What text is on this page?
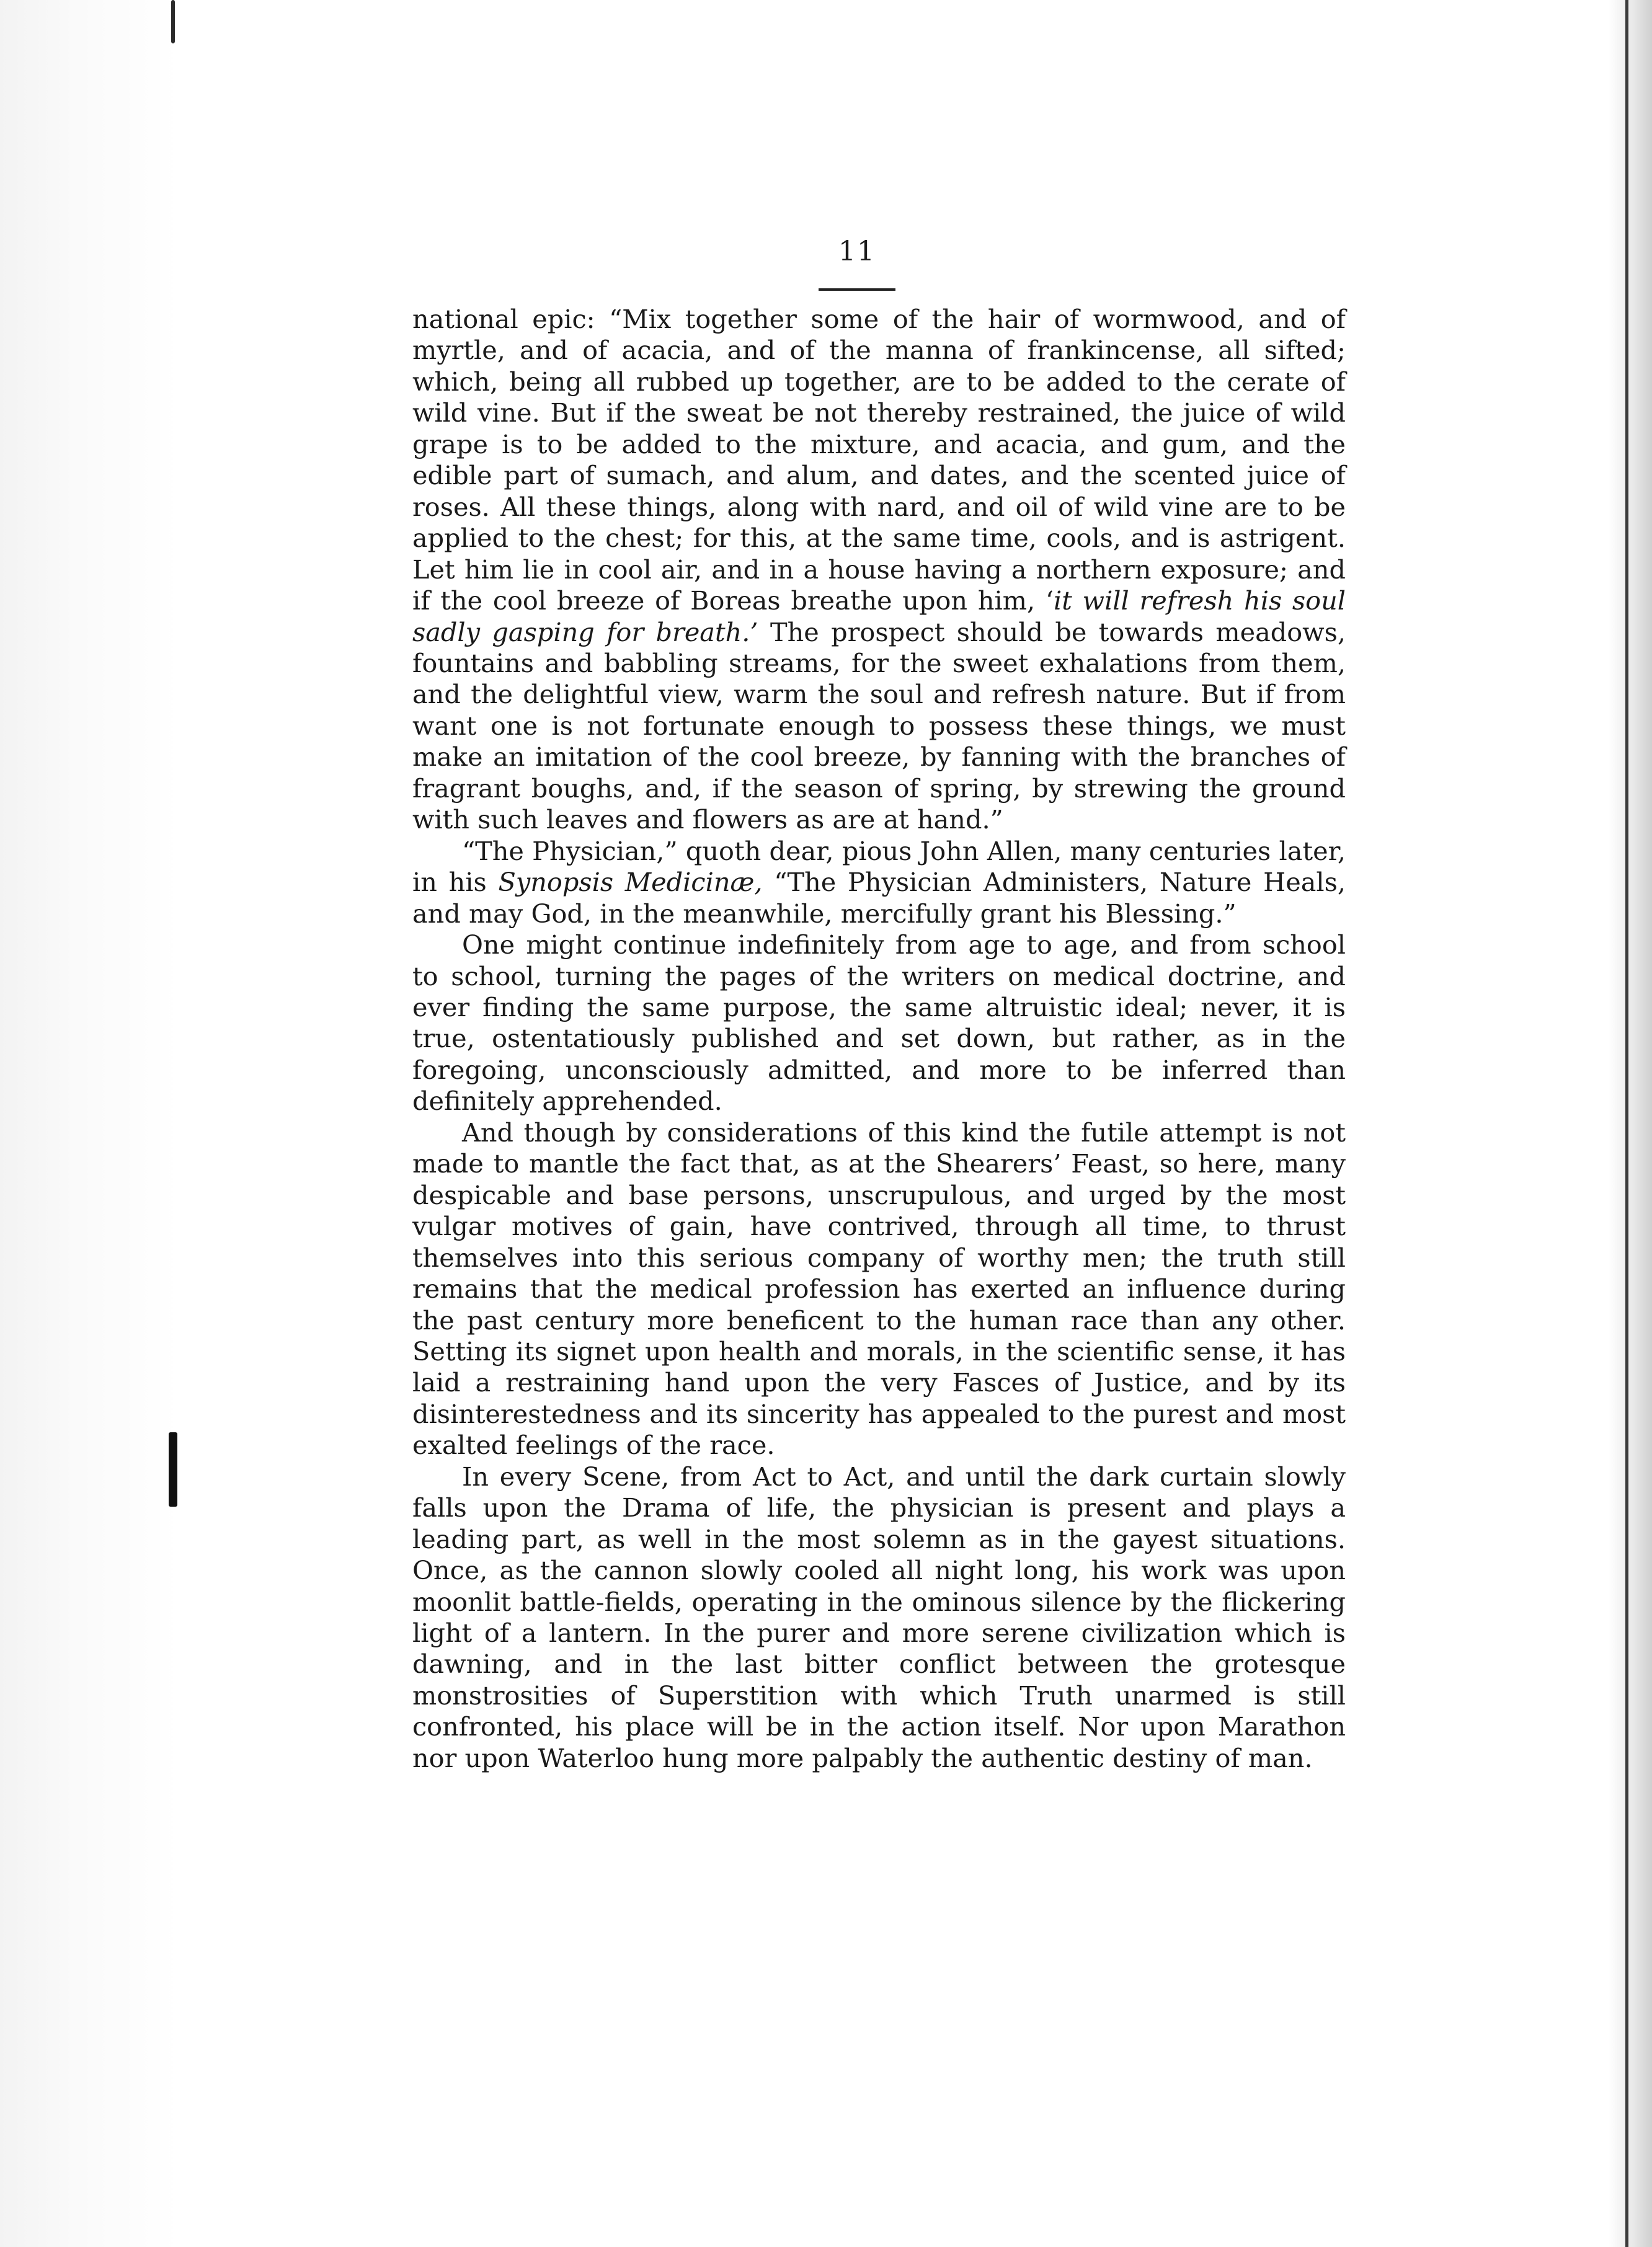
11

national epic: “Mix together some of the hair of wormwood, and of myrtle, and of acacia, and of the manna of frankincense, all sifted; which, being all rubbed up together, are to be added to the cerate of wild vine. But if the sweat be not thereby restrained, the juice of wild grape is to be added to the mixture, and acacia, and gum, and the edible part of sumach, and alum, and dates, and the scented juice of roses. All these things, along with nard, and oil of wild vine are to be applied to the chest; for this, at the same time, cools, and is astrigent. Let him lie in cool air, and in a house having a northern exposure; and if the cool breeze of Boreas breathe upon him, ‘it will refresh his soul sadly gasping for breath.’ The prospect should be towards meadows, fountains and babbling streams, for the sweet exhalations from them, and the delightful view, warm the soul and refresh nature. But if from want one is not fortunate enough to possess these things, we must make an imitation of the cool breeze, by fanning with the branches of fragrant boughs, and, if the season of spring, by strewing the ground with such leaves and flowers as are at hand.”

“The Physician,” quoth dear, pious John Allen, many centuries later, in his Synopsis Medicinæ, “The Physician Administers, Nature Heals, and may God, in the meanwhile, mercifully grant his Blessing.”

One might continue indefinitely from age to age, and from school to school, turning the pages of the writers on medical doctrine, and ever finding the same purpose, the same altruistic ideal; never, it is true, ostentatiously published and set down, but rather, as in the foregoing, unconsciously admitted, and more to be inferred than definitely apprehended.

And though by considerations of this kind the futile attempt is not made to mantle the fact that, as at the Shearers’ Feast, so here, many despicable and base persons, unscrupulous, and urged by the most vulgar motives of gain, have contrived, through all time, to thrust themselves into this serious company of worthy men; the truth still remains that the medical profession has exerted an influence during the past century more beneficent to the human race than any other. Setting its signet upon health and morals, in the scientific sense, it has laid a restraining hand upon the very Fasces of Justice, and by its disinterestedness and its sincerity has appealed to the purest and most exalted feelings of the race.

In every Scene, from Act to Act, and until the dark curtain slowly falls upon the Drama of life, the physician is present and plays a leading part, as well in the most solemn as in the gayest situations. Once, as the cannon slowly cooled all night long, his work was upon moonlit battle-fields, operating in the ominous silence by the flickering light of a lantern. In the purer and more serene civilization which is dawning, and in the last bitter conflict between the grotesque monstrosities of Superstition with which Truth unarmed is still confronted, his place will be in the action itself. Nor upon Marathon nor upon Waterloo hung more palpably the authentic destiny of man.
